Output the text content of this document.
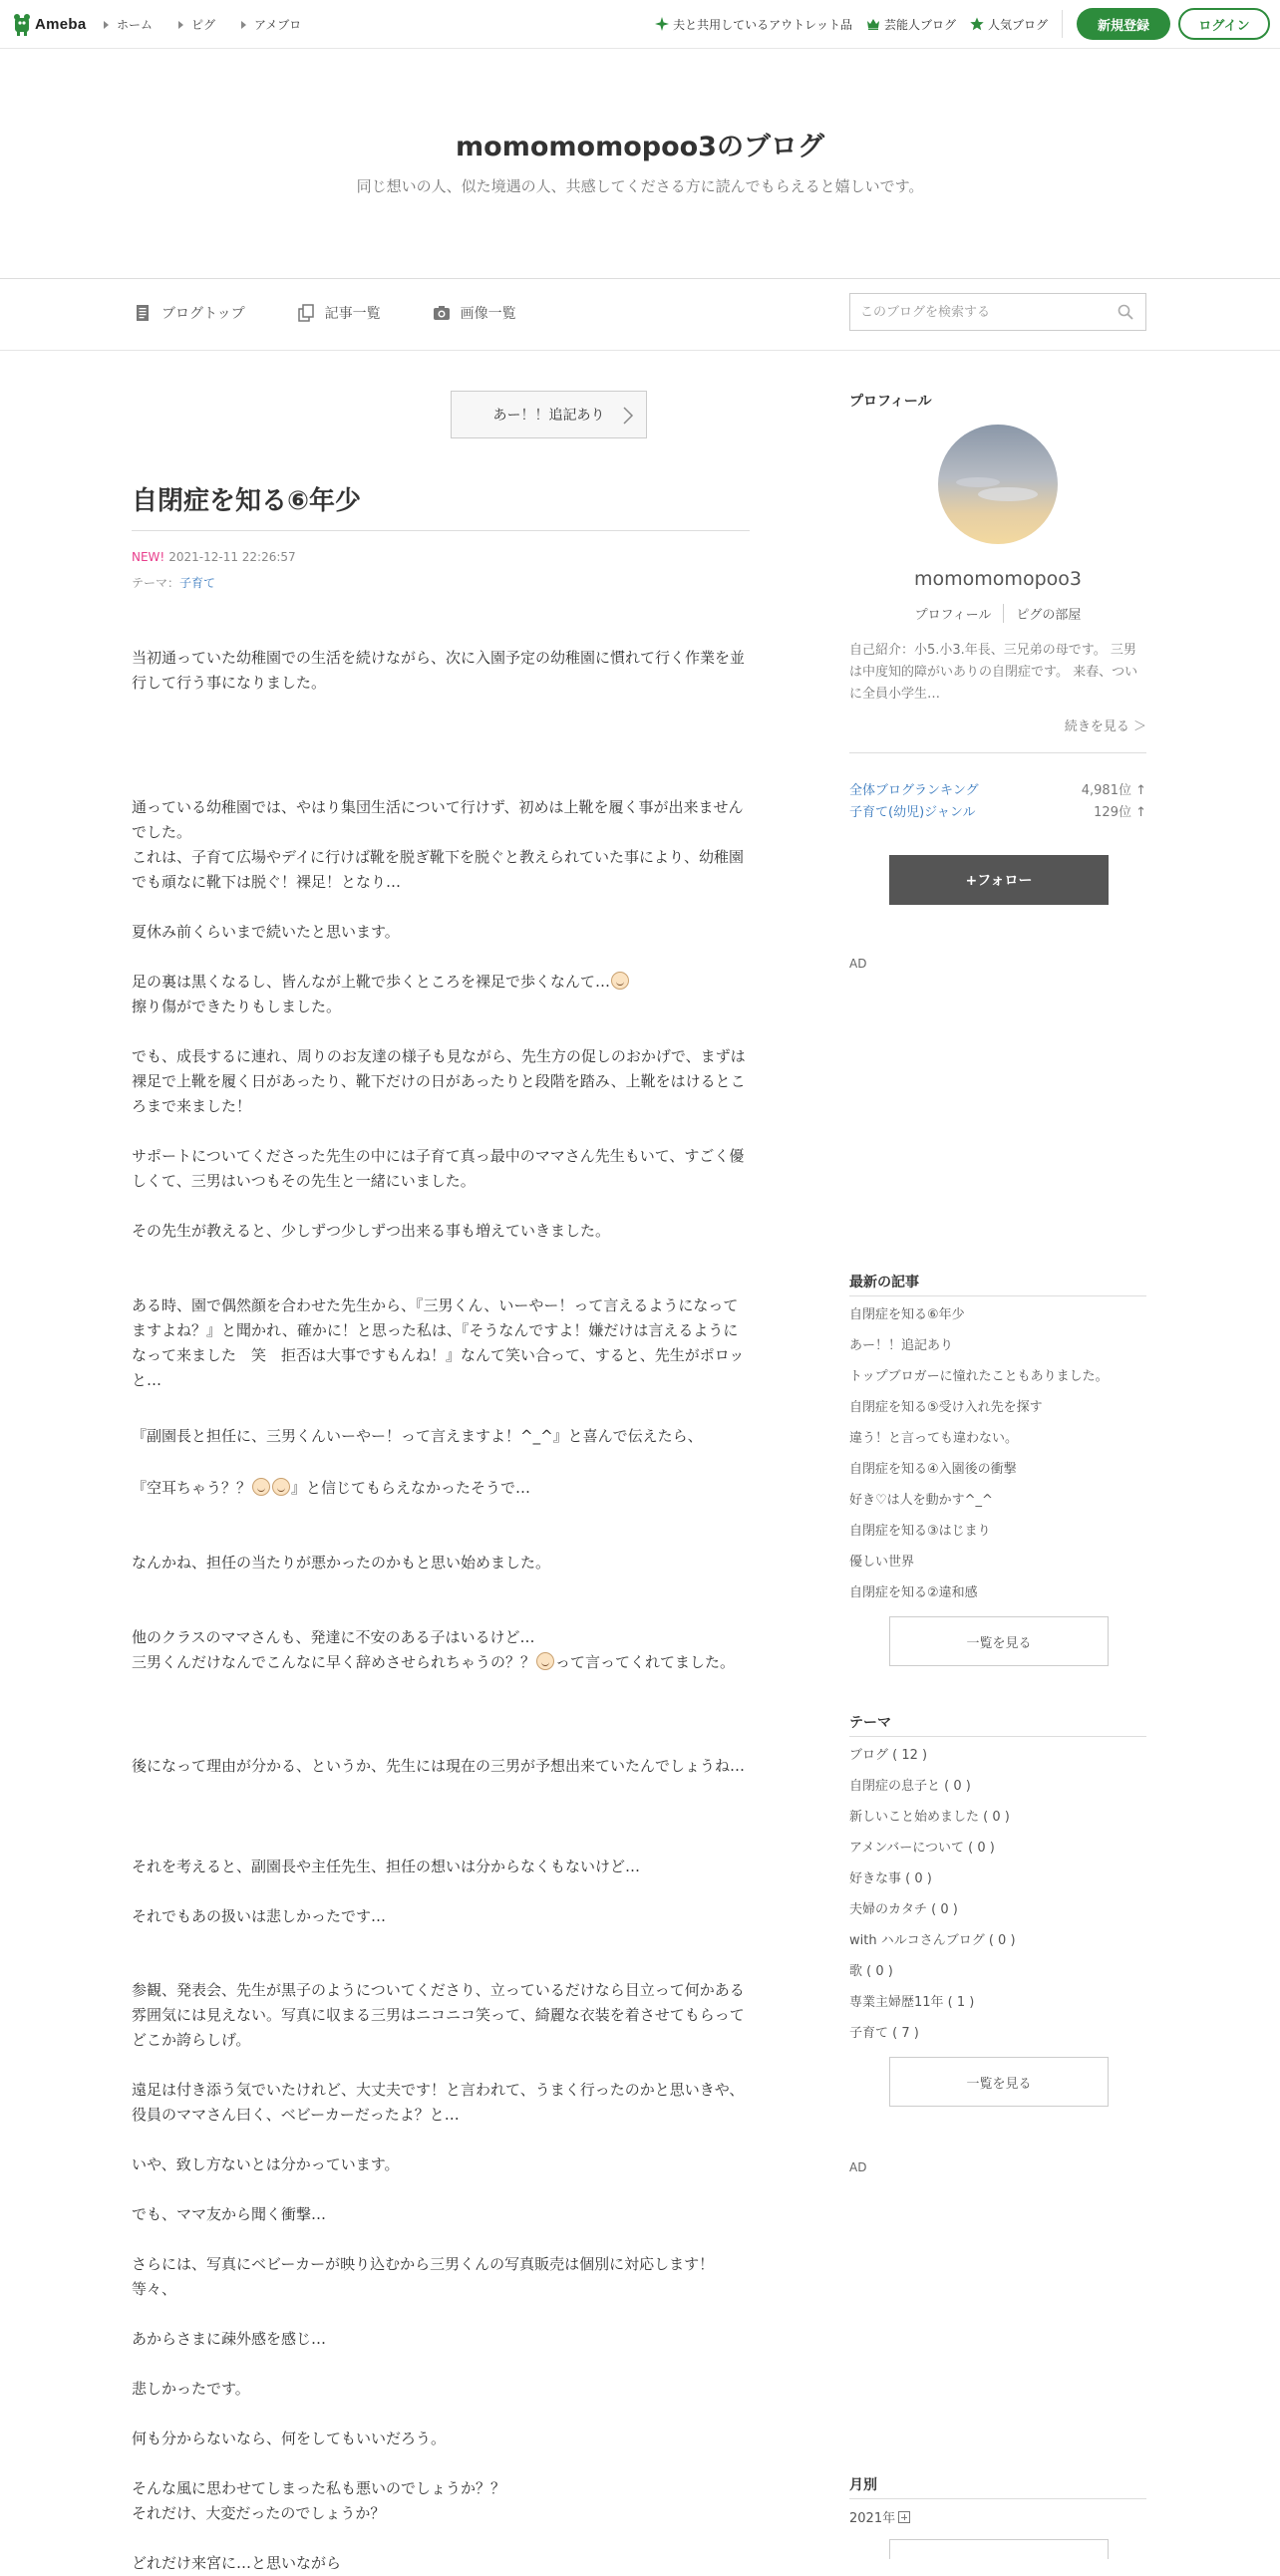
Ameba	ホーム	ピグ	アメブロ	夫と共用しているアウトレット品	芸能人ブログ	人気ブログ	新規登録	ログイン
momomomopoo3のブログ
同じ想いの人、似た境遇の人、共感してくださる方に読んでもらえると嬉しいです。
ブログトップ	記事一覧	画像一覧
このブログを検索する
あー！！追記あり
自閉症を知る⑥年少
NEW! 2021-12-11 22:26:57
テーマ：子育て
当初通っていた幼稚園での生活を続けながら、次に入園予定の幼稚園に慣れて行く作業を並行して行う事になりました。
通っている幼稚園では、やはり集団生活について行けず、初めは上靴を履く事が出来ませんでした。
これは、子育て広場やデイに行けば靴を脱ぎ靴下を脱ぐと教えられていた事により、幼稚園でも頑なに靴下は脱ぐ！裸足！となり…
夏休み前くらいまで続いたと思います。
足の裏は黒くなるし、皆んなが上靴で歩くところを裸足で歩くなんて…
擦り傷ができたりもしました。
でも、成長するに連れ、周りのお友達の様子も見ながら、先生方の促しのおかげで、まずは裸足で上靴を履く日があったり、靴下だけの日があったりと段階を踏み、上靴をはけるところまで来ました！
サポートについてくださった先生の中には子育て真っ最中のママさん先生もいて、すごく優しくて、三男はいつもその先生と一緒にいました。
その先生が教えると、少しずつ少しずつ出来る事も増えていきました。
ある時、園で偶然顔を合わせた先生から、『三男くん、いーやー！って言えるようになってますよね？』と聞かれ、確かに！と思った私は、『そうなんですよ！嫌だけは言えるようになって来ました　笑　拒否は大事ですもんね！』なんて笑い合って、すると、先生がポロッと…
『副園長と担任に、三男くんいーやー！って言えますよ！^_^』と喜んで伝えたら、
『空耳ちゃう？？	』と信じてもらえなかったそうで…
なんかね、担任の当たりが悪かったのかもと思い始めました。
他のクラスのママさんも、発達に不安のある子はいるけど…
三男くんだけなんでこんなに早く辞めさせられちゃうの？？ って言ってくれてました。
後になって理由が分かる、というか、先生には現在の三男が予想出来ていたんでしょうね…
それを考えると、副園長や主任先生、担任の想いは分からなくもないけど…
それでもあの扱いは悲しかったです…
参観、発表会、先生が黒子のようについてくださり、立っているだけなら目立って何かある雰囲気には見えない。写真に収まる三男はニコニコ笑って、綺麗な衣装を着させてもらってどこか誇らしげ。
遠足は付き添う気でいたけれど、大丈夫です！と言われて、うまく行ったのかと思いきや、役員のママさん曰く、ベビーカーだったよ？と…
いや、致し方ないとは分かっています。
でも、ママ友から聞く衝撃…
さらには、写真にベビーカーが映り込むから三男くんの写真販売は個別に対応します！等々、
あからさまに疎外感を感じ…
悲しかったです。
何も分からないなら、何をしてもいいだろう。
そんな風に思わせてしまった私も悪いのでしょうか？？
それだけ、大変だったのでしょうか？
どれだけ来宮に…と思いながら
プロフィール
momomomopoo3
プロフィール	ピグの部屋
自己紹介：小5.小3.年長、三兄弟の母です。 三男は中度知的障がいありの自閉症です。 来春、ついに全員小学生…
続きを見る ＞
全体ブログランキング	4,981位 ↑
子育て(幼児)ジャンル	129位 ↑
+フォロー
AD
最新の記事
自閉症を知る⑥年少
あー！！追記あり
トップブロガーに憧れたこともありました。
自閉症を知る⑤受け入れ先を探す
違う！と言っても違わない。
自閉症を知る④入園後の衝撃
好き♡は人を動かす^_^
自閉症を知る③はじまり
優しい世界
自閉症を知る②違和感
一覧を見る
テーマ
ブログ ( 12 )
自閉症の息子と ( 0 )
新しいこと始めました ( 0 )
アメンバーについて ( 0 )
好きな事 ( 0 )
夫婦のカタチ ( 0 )
with ハルコさんブログ ( 0 )
歌 ( 0 )
専業主婦歴11年 ( 1 )
子育て ( 7 )
一覧を見る
AD
月別
2021年
